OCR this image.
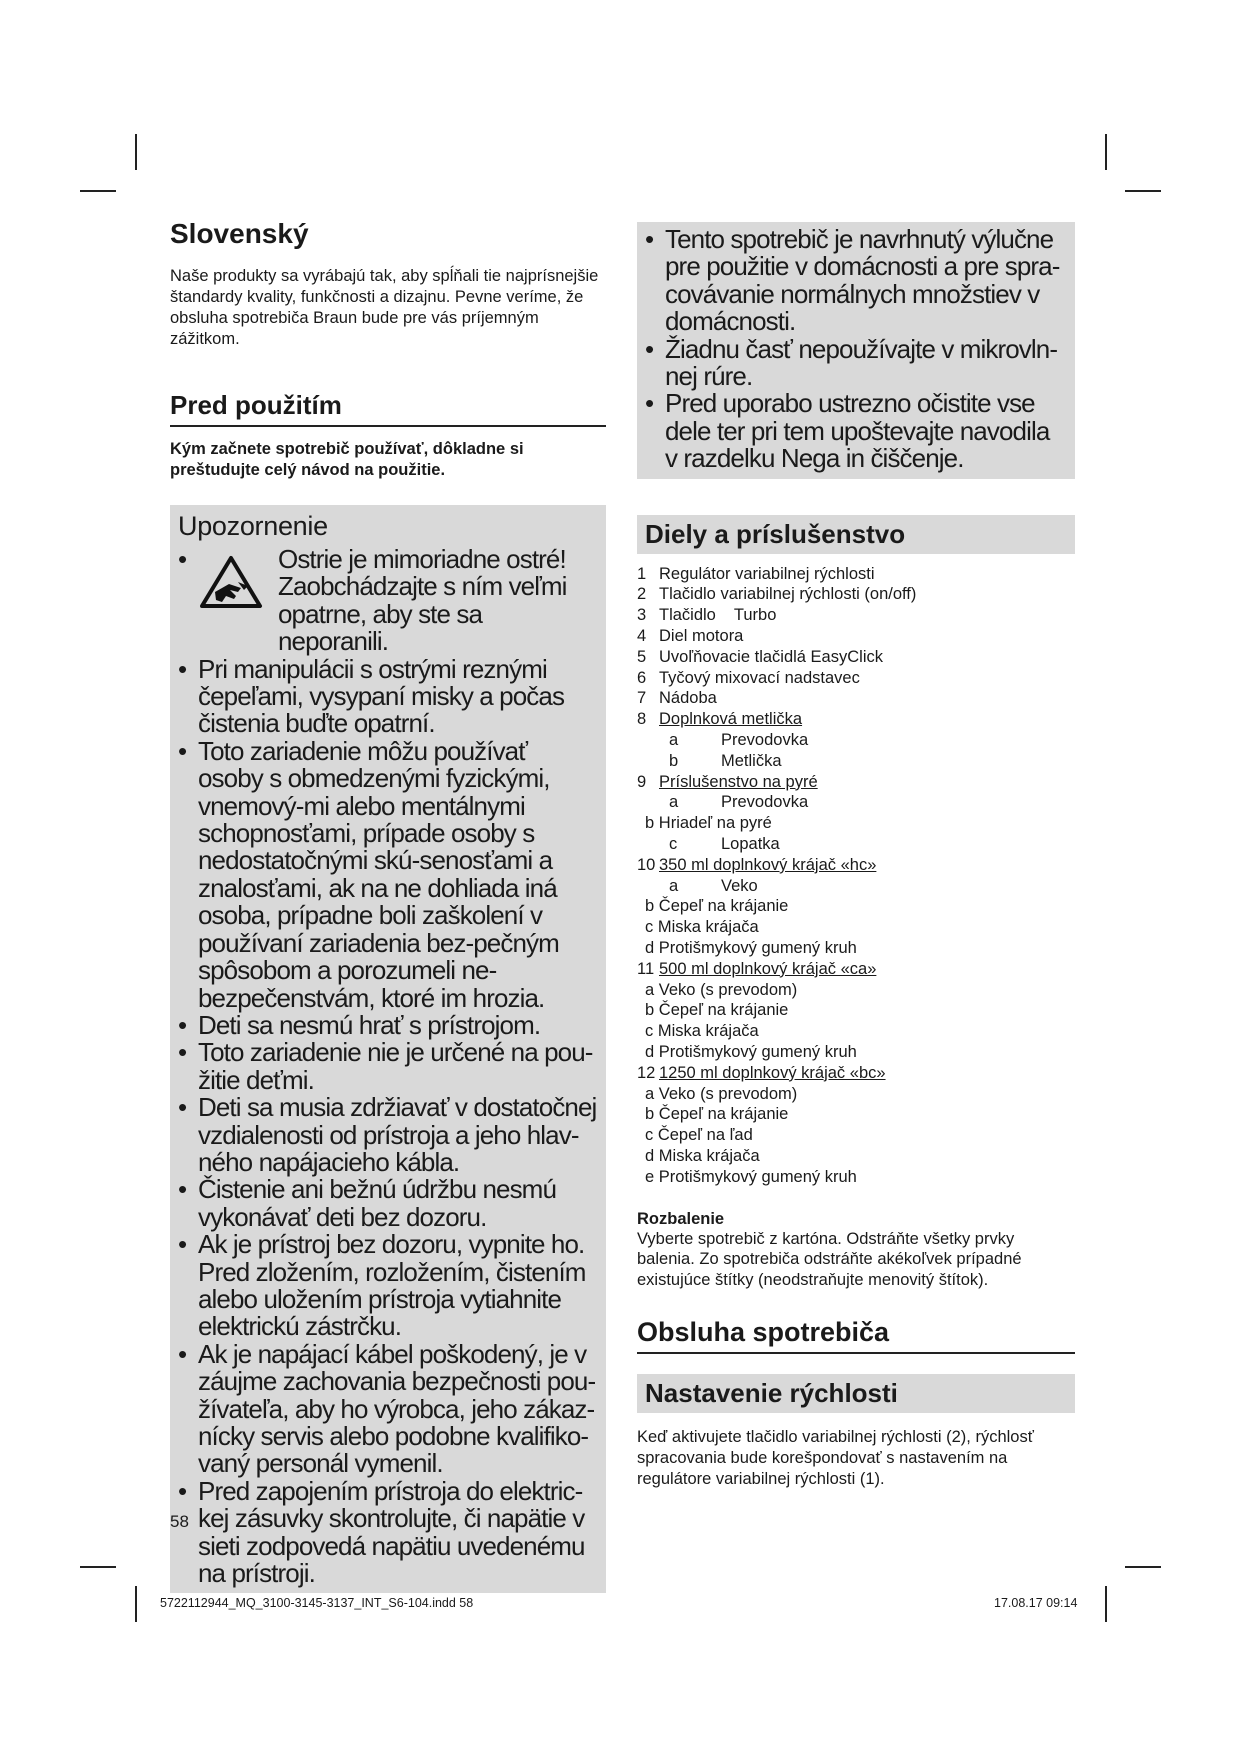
Slovenský

Naše produkty sa vyrábajú tak, aby spĺňali tie najprísnejšie štandardy kvality, funkčnosti a dizajnu. Pevne veríme, že obsluha spotrebiča Braun bude pre vás príjemným zážitkom.

Pred použitím

Kým začnete spotrebič používať, dôkladne si preštudujte celý návod na použitie.

Upozornenie
•	Ostrie je mimoriadne ostré! Zaobchádzajte s ním veľmi opatrne, aby ste sa neporanili.
• Pri manipulácii s ostrými reznými čepeľami, vysypaní misky a počas čistenia buďte opatrní.
• Toto zariadenie môžu používať osoby s obmedzenými fyzickými, vnemový-mi alebo mentálnymi schopnosťami, prípade osoby s nedostatočnými skú-senosťami a znalosťami, ak na ne dohliada iná osoba, prípadne boli zaškolení v používaní zariadenia bez-pečným spôsobom a porozumeli ne-bezpečenstvám, ktoré im hrozia.
• Deti sa nesmú hrať s prístrojom.
• Toto zariadenie nie je určené na pou-žitie deťmi.
• Deti sa musia zdržiavať v dostatočnej vzdialenosti od prístroja a jeho hlav-ného napájacieho kábla.
• Čistenie ani bežnú údržbu nesmú vykonávať deti bez dozoru.
• Ak je prístroj bez dozoru, vypnite ho. Pred zložením, rozložením, čistením alebo uložením prístroja vytiahnite elektrickú zástrčku.
• Ak je napájací kábel poškodený, je v záujme zachovania bezpečnosti pou-žívateľa, aby ho výrobca, jeho zákaz-nícky servis alebo podobne kvalifiko-vaný personál vymenil.
• Pred zapojením prístroja do elektric-kej zásuvky skontrolujte, či napätie v sieti zodpovedá napätiu uvedenému na prístroji.
58
• Tento spotrebič je navrhnutý výlučne pre použitie v domácnosti a pre spra-covávanie normálnych množstiev v domácnosti.
• Žiadnu časť nepoužívajte v mikrovln-nej rúre.
• Pred uporabo ustrezno očistite vse dele ter pri tem upoštevajte navodila v razdelku Nega in čiščenje.
Diely a príslušenstvo
1 Regulátor variabilnej rýchlosti
2 Tlačidlo variabilnej rýchlosti (on/off)
3 Tlačidlo    Turbo
4 Diel motora
5 Uvoľňovacie tlačidlá EasyClick
6 Tyčový mixovací nadstavec
7 Nádoba
8 Doplnková metlička
a	Prevodovka
b	Metlička
9 Príslušenstvo na pyré
a	Prevodovka
b Hriadeľ na pyré
c	Lopatka
10 350 ml doplnkový krájač «hc»
a	Veko
b Čepeľ na krájanie
c Miska krájača
d Protišmykový gumený kruh
11 500 ml doplnkový krájač «ca»
a Veko (s prevodom)
b Čepeľ na krájanie
c Miska krájača
d Protišmykový gumený kruh
12 1250 ml doplnkový krájač «bc»
a Veko (s prevodom)
b Čepeľ na krájanie
c Čepeľ na ľad
d Miska krájača
e Protišmykový gumený kruh
Rozbalenie

Vyberte spotrebič z kartóna. Odstráňte všetky prvky balenia. Zo spotrebiča odstráňte akékoľvek prípadné existujúce štítky (neodstraňujte menovitý štítok).

Obsluha spotrebiča
Nastavenie rýchlosti

Keď aktivujete tlačidlo variabilnej rýchlosti (2), rýchlosť spracovania bude korešpondovať s nastavením na regulátore variabilnej rýchlosti (1).

5722112944_MQ_3100-3145-3137_INT_S6-104.indd 58	17.08.17 09:14
